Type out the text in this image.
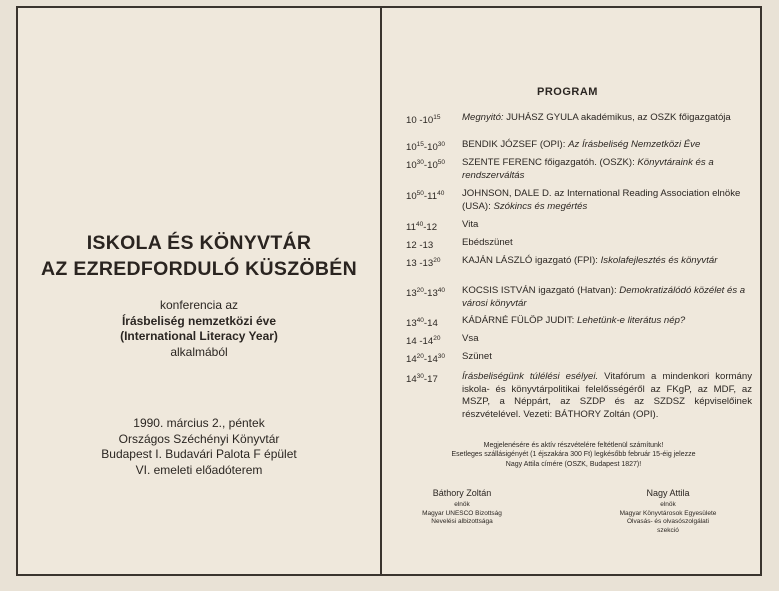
ISKOLA ÉS KÖNYVTÁR
AZ EZREDFORDULÓ KÜSZÖBÉN
konferencia az
Írásbeliség nemzetközi éve
(International Literacy Year)
alkalmából
1990. március 2., péntek
Országos Széchényi Könyvtár
Budapest I. Budavári Palota F épület
VI. emeleti előadóterem
PROGRAM
10 $-10^{15}$	Megnyitó: JUHÁSZ GYULA akadémikus, az OSZK főigazgatója
$10^{15}-10^{30}$	BENDIK JÓZSEF (OPI): Az Írásbeliség Nemzetközi Éve
$10^{30}-10^{50}$	SZENTE FERENC főigazgatóh. (OSZK): Könyvtáraink és a rendszerváltás
$10^{50}-11^{40}$	JOHNSON, DALE D. az International Reading Association elnöke (USA): Szókincs és megértés
$11^{40}-12$	Vita
12 -13	Ebédszünet
13 $-13^{20}$	KAJÁN LÁSZLÓ igazgató (FPI): Iskolafejlesztés és könyvtár
$13^{20}-13^{40}$	KOCSIS ISTVÁN igazgató (Hatvan): Demokratizálódó közélet és a városi könyvtár
$13^{40}-14$	KÁDÁRNÉ FÜLÖP JUDIT: Lehetünk-e literátus nép?
14 $-14^{20}$	Vsa
$14^{20}-14^{30}$	Szünet
$14^{30}-17$	Írásbeliségünk túlélési esélyei. Vitafórum a mindenkori kormány iskola- és könyvtárpolitikai felelősségéről az FKgP, az MDF, az MSZP, a Néppárt, az SZDP és az SZDSZ képviselőinek részvételével. Vezeti: BÁTHORY Zoltán (OPI).
Megjelenésére és aktív részvételére feltétlenül számítunk!
Esetleges szállásigényét (1 éjszakára 300 Ft) legkésőbb február 15-éig jelezze
Nagy Attila címére (OSZK, Budapest 1827)!
Báthory Zoltán
elnök
Magyar UNESCO Bizottság
Nevelési albizottsága
Nagy Attila
elnök
Magyar Könyvtárosok Egyesülete
Olvasás- és olvasószolgálati
szekció
